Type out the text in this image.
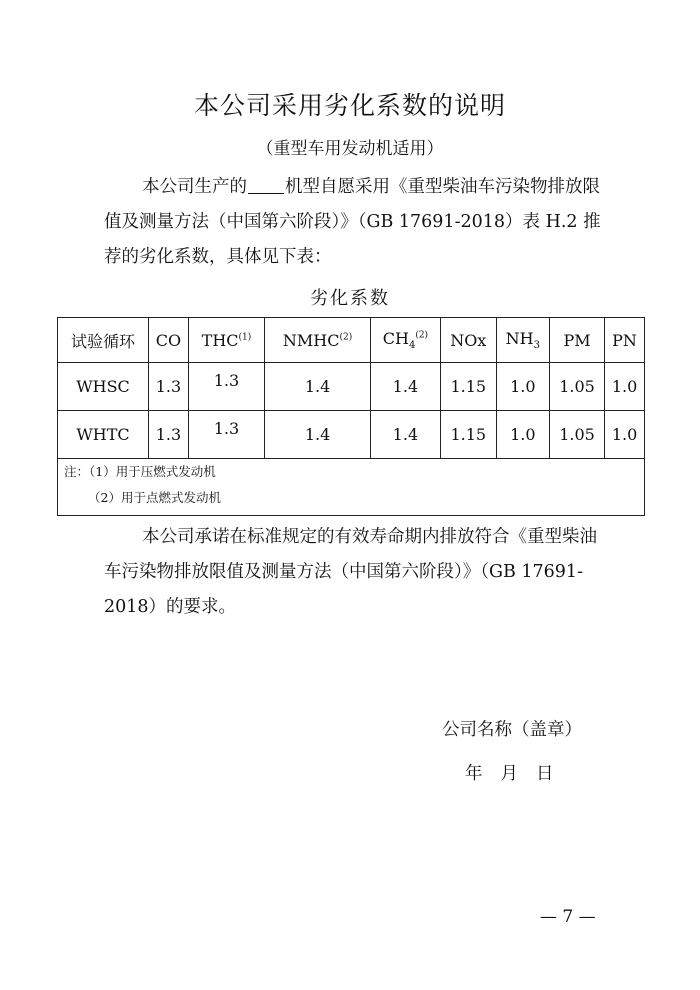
本公司采用劣化系数的说明
（重型车用发动机适用）

本公司生产的 机型自愿采用《重型柴油车污染物排放限值及测量方法（中国第六阶段）》（GB 17691-2018）表 H.2 推荐的劣化系数，具体见下表：

劣化系数
试验循环	CO	THC$^{(1)}$	NMHC$^{(2)}$	$CH_4^{(2)}$	NOx	$NH_3$	PM	PN
WHSC	1.3	1.3	1.4	1.4	1.15	1.0	1.05	1.0
WHTC	1.3	1.3	1.4	1.4	1.15	1.0	1.05	1.0

注：（1）用于压燃式发动机
（2）用于点燃式发动机								

本公司承诺在标准规定的有效寿命期内排放符合《重型柴油车污染物排放限值及测量方法（中国第六阶段）》（GB 17691-2018）的要求。

公司名称（盖章）
年 月 日
— 7 —
